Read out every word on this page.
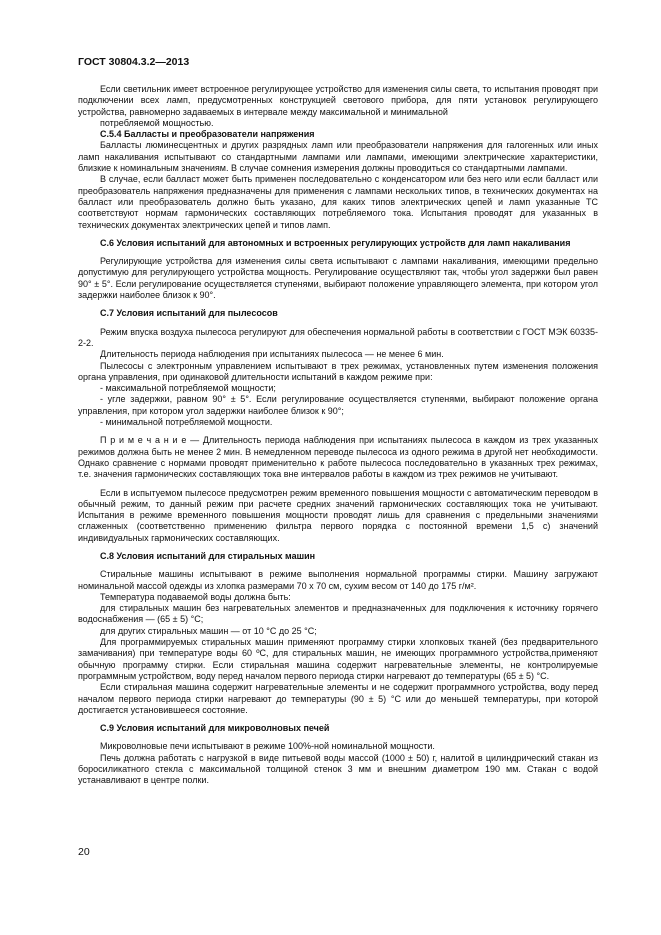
ГОСТ 30804.3.2—2013

Если светильник имеет встроенное регулирующее устройство для изменения силы света, то испытания проводят при подключении всех ламп, предусмотренных конструкцией светового прибора, для пяти установок регулирующего устройства, равномерно задаваемых в интервале между максимальной и минимальной

потребляемой мощностью.

С.5.4 Балласты и преобразователи напряжения

Балласты люминесцентных и других разрядных ламп или преобразователи напряжения для галогенных или иных ламп накаливания испытывают со стандартными лампами или лампами, имеющими электрические характеристики, близкие к номинальным значениям. В случае сомнения измерения должны проводиться со стандартными лампами.

В случае, если балласт может быть применен последовательно с конденсатором или без него или если балласт или преобразователь напряжения предназначены для применения с лампами нескольких типов, в технических документах на балласт или преобразователь должно быть указано, для каких типов электрических цепей и ламп указанные ТС соответствуют нормам гармонических составляющих потребляемого тока. Испытания проводят для указанных в технических документах электрических цепей и типов ламп.

С.6 Условия испытаний для автономных и встроенных регулирующих устройств для ламп накаливания

Регулирующие устройства для изменения силы света испытывают с лампами накаливания, имеющими предельно допустимую для регулирующего устройства мощность. Регулирование осуществляют так, чтобы угол задержки был равен 90° ± 5°. Если регулирование осуществляется ступенями, выбирают положение управляющего элемента, при котором угол задержки наиболее близок к 90°.

С.7 Условия испытаний для пылесосов

Режим впуска воздуха пылесоса регулируют для обеспечения нормальной работы в соответствии с ГОСТ МЭК 60335-2-2.

Длительность периода наблюдения при испытаниях пылесоса — не менее 6 мин.

Пылесосы с электронным управлением испытывают в трех режимах, установленных путем изменения положения органа управления, при одинаковой длительности испытаний в каждом режиме при:

- максимальной потребляемой мощности;

- угле задержки, равном 90° ± 5°. Если регулирование осуществляется ступенями, выбирают положение органа управления, при котором угол задержки наиболее близок к 90°;

- минимальной потребляемой мощности.

П р и м е ч а н и е — Длительность периода наблюдения при испытаниях пылесоса в каждом из трех указанных режимов должна быть не менее 2 мин. В немедленном переводе пылесоса из одного режима в другой нет необходимости. Однако сравнение с нормами проводят применительно к работе пылесоса последовательно в указанных трех режимах, т.е. значения гармонических составляющих тока вне интервалов работы в каждом из трех режимов не учитывают.

Если в испытуемом пылесосе предусмотрен режим временного повышения мощности с автоматическим переводом в обычный режим, то данный режим при расчете средних значений гармонических составляющих тока не учитывают. Испытания в режиме временного повышения мощности проводят лишь для сравнения с предельными значениями сглаженных (соответственно применению фильтра первого порядка с постоянной времени 1,5 с) значений индивидуальных гармонических составляющих.

С.8 Условия испытаний для стиральных машин

Стиральные машины испытывают в режиме выполнения нормальной программы стирки. Машину загружают номинальной массой одежды из хлопка размерами 70 х 70 см, сухим весом от 140 до 175 г/м².

Температура подаваемой воды должна быть:

для стиральных машин без нагревательных элементов и предназначенных для подключения к источнику горячего водоснабжения — (65 ± 5) °С;

для других стиральных машин — от 10 °С до 25 °С;

Для программируемых стиральных машин применяют программу стирки хлопковых тканей (без предварительного замачивания) при температуре воды 60 ºС, для стиральных машин, не имеющих программного устройства,применяют обычную программу стирки. Если стиральная машина содержит нагревательные элементы, не контролируемые программным устройством, воду перед началом первого периода стирки нагревают до температуры (65 ± 5) °С.

Если стиральная машина содержит нагревательные элементы и не содержит программного устройства, воду перед началом первого периода стирки нагревают до температуры (90 ± 5) °С или до меньшей температуры, при которой достигается установившееся состояние.

С.9 Условия испытаний для микроволновых печей

Микроволновые печи испытывают в режиме 100%-ной номинальной мощности.

Печь должна работать с нагрузкой в виде питьевой воды массой (1000 ± 50) г, налитой в цилиндрический стакан из боросиликатного стекла с максимальной толщиной стенок 3 мм и внешним диаметром 190 мм. Стакан с водой устанавливают в центре полки.

20
